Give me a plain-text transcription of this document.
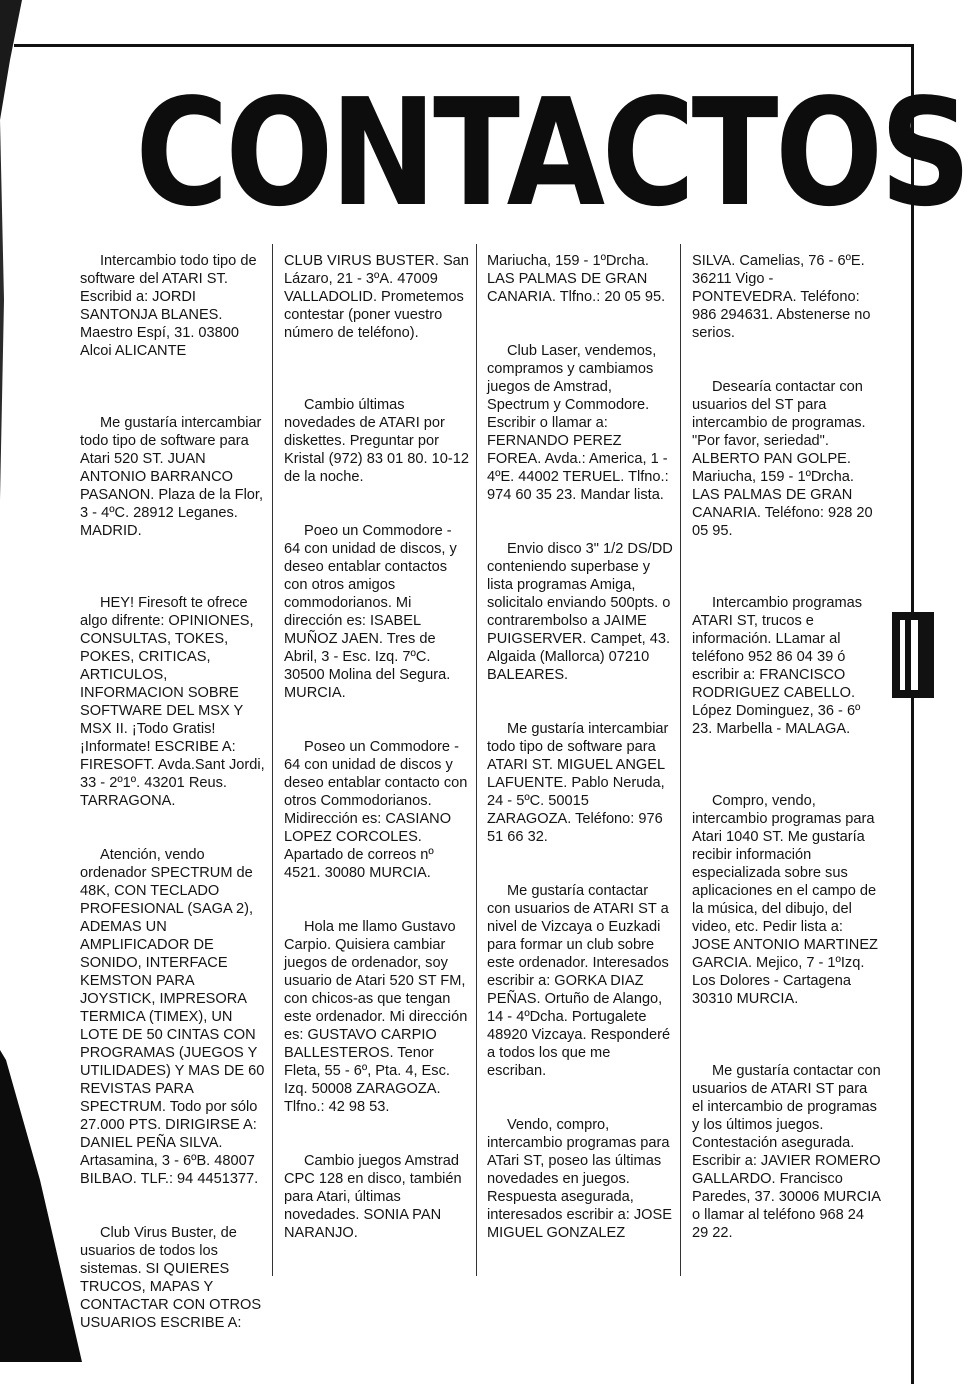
CONTACTOS

Intercambio todo tipo de software del ATARI ST. Escribid a: JORDI SANTONJA BLANES. Maestro Espí, 31. 03800 Alcoi ALICANTE

Me gustaría intercambiar todo tipo de software para Atari 520 ST. JUAN ANTONIO BARRANCO PASANON. Plaza de la Flor, 3 - 4ºC. 28912 Leganes. MADRID.

HEY! Firesoft te ofrece algo difrente: OPINIONES, CONSULTAS, TOKES, POKES, CRITICAS, ARTICULOS, INFORMACION SOBRE SOFTWARE DEL MSX Y MSX II. ¡Todo Gratis! ¡Informate! ESCRIBE A: FIRESOFT. Avda.Sant Jordi, 33 - 2º1º. 43201 Reus. TARRAGONA.

Atención, vendo ordenador SPECTRUM de 48K, CON TECLADO PROFESIONAL (SAGA 2), ADEMAS UN AMPLIFICADOR DE SONIDO, INTERFACE KEMSTON PARA JOYSTICK, IMPRESORA TERMICA (TIMEX), UN LOTE DE 50 CINTAS CON PROGRAMAS (JUEGOS Y UTILIDADES) Y MAS DE 60 REVISTAS PARA SPECTRUM. Todo por sólo 27.000 PTS. DIRIGIRSE A: DANIEL PEÑA SILVA. Artasamina, 3 - 6ºB. 48007 BILBAO. TLF.: 94 4451377.

Club Virus Buster, de usuarios de todos los sistemas. SI QUIERES TRUCOS, MAPAS Y CONTACTAR CON OTROS USUARIOS ESCRIBE A:

CLUB VIRUS BUSTER. San Lázaro, 21 - 3ºA. 47009 VALLADOLID. Prometemos contestar (poner vuestro número de teléfono).

Cambio últimas novedades de ATARI por diskettes. Preguntar por Kristal (972) 83 01 80. 10-12 de la noche.

Poeo un Commodore - 64 con unidad de discos, y deseo entablar contactos con otros amigos commodorianos. Mi dirección es: ISABEL MUÑOZ JAEN. Tres de Abril, 3 - Esc. Izq. 7ºC. 30500 Molina del Segura. MURCIA.

Poseo un Commodore - 64 con unidad de discos y deseo entablar contacto con otros Commodorianos. Midirección es: CASIANO LOPEZ CORCOLES. Apartado de correos nº 4521. 30080 MURCIA.

Hola me llamo Gustavo Carpio. Quisiera cambiar juegos de ordenador, soy usuario de Atari 520 ST FM, con chicos-as que tengan este ordenador. Mi dirección es: GUSTAVO CARPIO BALLESTEROS. Tenor Fleta, 55 - 6º, Pta. 4, Esc. Izq. 50008 ZARAGOZA. Tlfno.: 42 98 53.

Cambio juegos Amstrad CPC 128 en disco, también para Atari, últimas novedades. SONIA PAN NARANJO.

Mariucha, 159 - 1ºDrcha. LAS PALMAS DE GRAN CANARIA. Tlfno.: 20 05 95.

Club Laser, vendemos, compramos y cambiamos juegos de Amstrad, Spectrum y Commodore. Escribir o llamar a: FERNANDO PEREZ FOREA. Avda.: America, 1 - 4ºE. 44002 TERUEL. Tlfno.: 974 60 35 23. Mandar lista.

Envio disco 3" 1/2 DS/DD conteniendo superbase y lista programas Amiga, solicitalo enviando 500pts. o contrarembolso a JAIME PUIGSERVER. Campet, 43. Algaida (Mallorca) 07210 BALEARES.

Me gustaría intercambiar todo tipo de software para ATARI ST. MIGUEL ANGEL LAFUENTE. Pablo Neruda, 24 - 5ºC. 50015 ZARAGOZA. Teléfono: 976 51 66 32.

Me gustaría contactar con usuarios de ATARI ST a nivel de Vizcaya o Euzkadi para formar un club sobre este ordenador. Interesados escribir a: GORKA DIAZ PEÑAS. Ortuño de Alango, 14 - 4ºDcha. Portugalete 48920 Vizcaya. Responderé a todos los que me escriban.

Vendo, compro, intercambio programas para ATari ST, poseo las últimas novedades en juegos. Respuesta asegurada, interesados escribir a: JOSE MIGUEL GONZALEZ

SILVA. Camelias, 76 - 6ºE. 36211 Vigo - PONTEVEDRA. Teléfono: 986 294631. Abstenerse no serios.

Desearía contactar con usuarios del ST para intercambio de programas. "Por favor, seriedad". ALBERTO PAN GOLPE. Mariucha, 159 - 1ºDrcha. LAS PALMAS DE GRAN CANARIA. Teléfono: 928 20 05 95.

Intercambio programas ATARI ST, trucos e información. LLamar al teléfono 952 86 04 39 ó escribir a: FRANCISCO RODRIGUEZ CABELLO. López Dominguez, 36 - 6º 23. Marbella - MALAGA.

Compro, vendo, intercambio programas para Atari 1040 ST. Me gustaría recibir información especializada sobre sus aplicaciones en el campo de la música, del dibujo, del video, etc. Pedir lista a: JOSE ANTONIO MARTINEZ GARCIA. Mejico, 7 - 1ºIzq. Los Dolores - Cartagena 30310 MURCIA.

Me gustaría contactar con usuarios de ATARI ST para el intercambio de programas y los últimos juegos. Contestación asegurada. Escribir a: JAVIER ROMERO GALLARDO. Francisco Paredes, 37. 30006 MURCIA o llamar al teléfono 968 24 29 22.
